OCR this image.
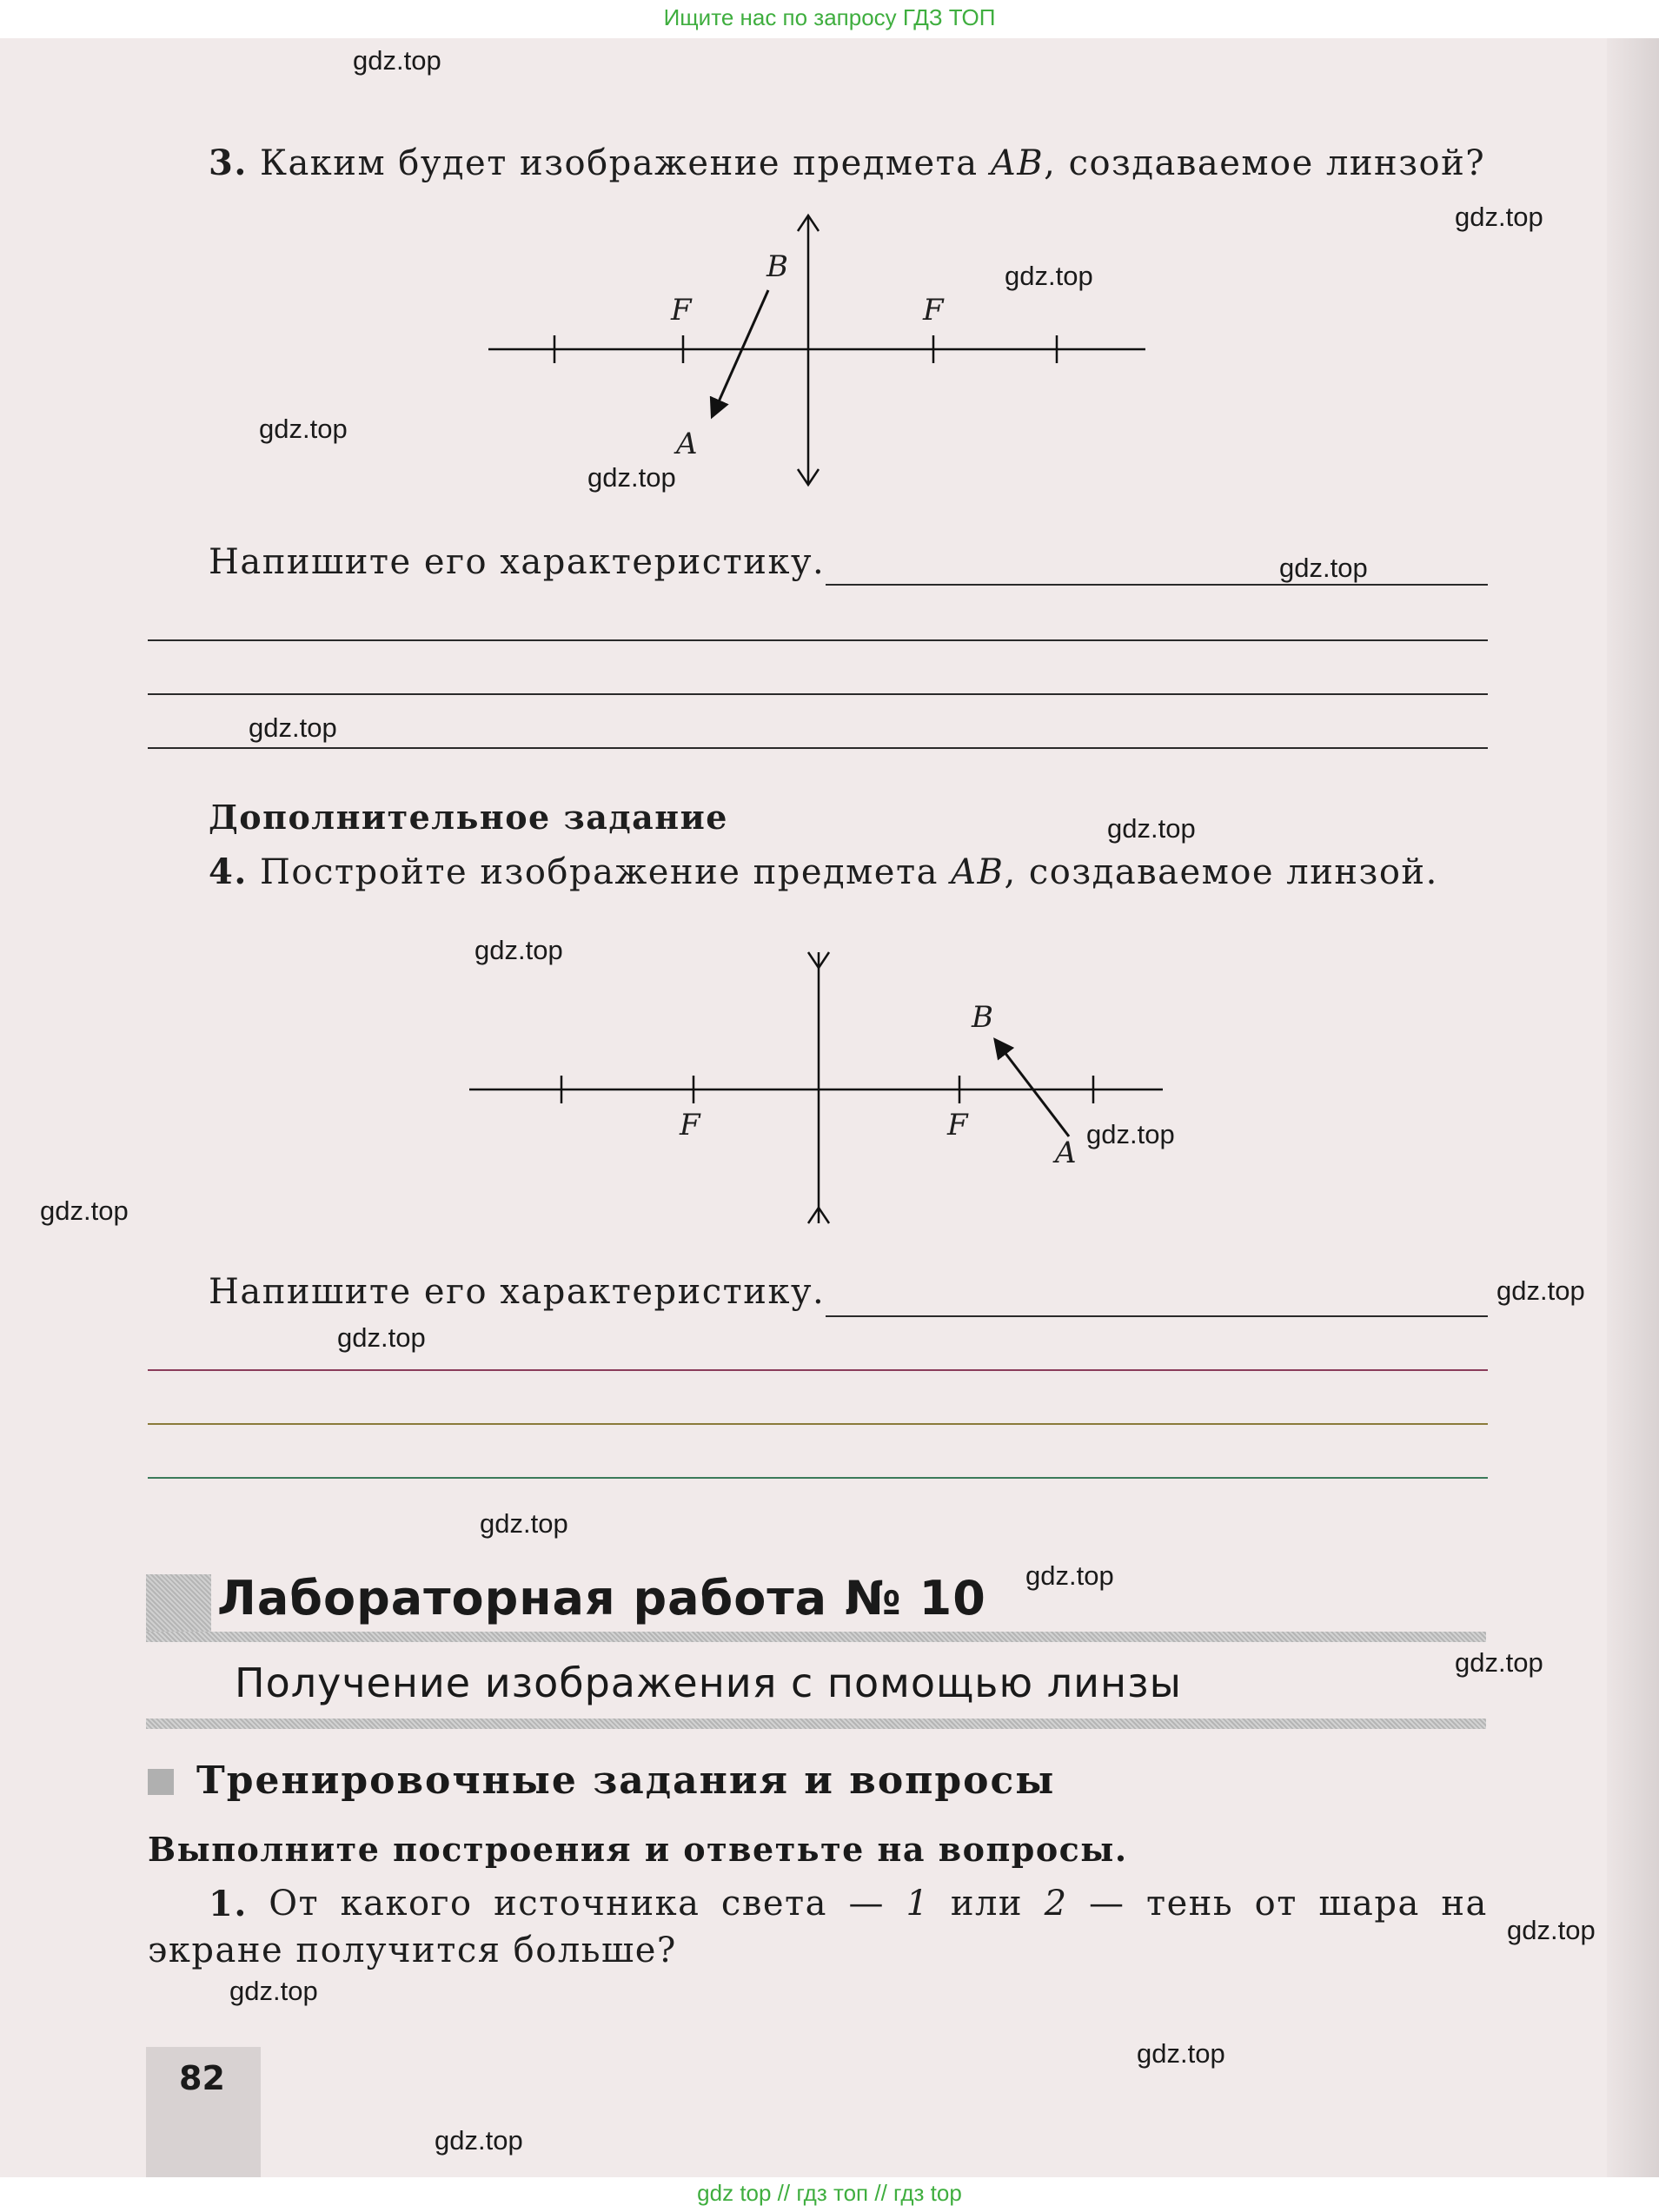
Ищите нас по запросу ГДЗ ТОП
3. Каким будет изображение предмета AB, создаваемое линзой?
B
A
F	F
B
A
F	F
Напишите его характеристику.
Дополнительное задание
4. Постройте изображение предмета AB, создаваемое линзой.
Напишите его характеристику.
Лабораторная работа № 10
Получение изображения с помощью линзы
Тренировочные задания и вопросы
Выполните построения и ответьте на вопросы.
1. От какого источника света — 1 или 2 — тень от шара на
экране получится больше?
82
gdz.top
gdz.top
gdz.top
gdz.top
gdz.top
gdz.top
gdz.top
gdz.top
gdz.top
gdz.top
gdz.top
gdz.top
gdz.top
gdz.top
gdz.top
gdz.top
gdz.top
gdz.top
gdz.top
gdz.top
gdz top // гдз топ // гдз top
